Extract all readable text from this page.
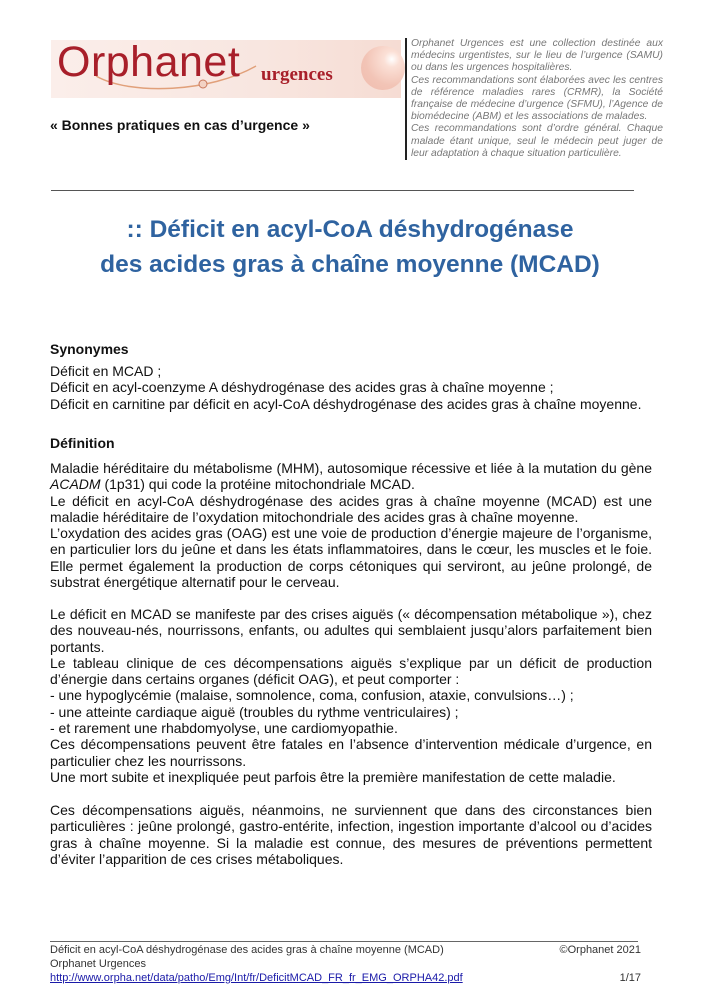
Orphanet urgences
« Bonnes pratiques en cas d’urgence »

Orphanet Urgences est une collection destinée aux médecins urgentistes, sur le lieu de l’urgence (SAMU) ou dans les urgences hospitalières.

Ces recommandations sont élaborées avec les centres de référence maladies rares (CRMR), la Société française de médecine d’urgence (SFMU), l’Agence de biomédecine (ABM) et les associations de malades.

Ces recommandations sont d’ordre général. Chaque malade étant unique, seul le médecin peut juger de leur adaptation à chaque situation particulière.

:: Déficit en acyl-CoA déshydrogénase
des acides gras à chaîne moyenne (MCAD)
Synonymes

Déficit en MCAD ;

Déficit en acyl-coenzyme A déshydrogénase des acides gras à chaîne moyenne ;

Déficit en carnitine par déficit en acyl-CoA déshydrogénase des acides gras à chaîne moyenne.

Définition

Maladie héréditaire du métabolisme (MHM), autosomique récessive et liée à la mutation du gène ACADM (1p31) qui code la protéine mitochondriale MCAD.

Le déficit en acyl-CoA déshydrogénase des acides gras à chaîne moyenne (MCAD) est une maladie héréditaire de l’oxydation mitochondriale des acides gras à chaîne moyenne.

L’oxydation des acides gras (OAG) est une voie de production d’énergie majeure de l’organisme, en particulier lors du jeûne et dans les états inflammatoires, dans le cœur, les muscles et le foie. Elle permet également la production de corps cétoniques qui serviront, au jeûne prolongé, de substrat énergétique alternatif pour le cerveau.

Le déficit en MCAD se manifeste par des crises aiguës (« décompensation métabolique »), chez des nouveau-nés, nourrissons, enfants, ou adultes qui semblaient jusqu’alors parfaitement bien portants.

Le tableau clinique de ces décompensations aiguës s’explique par un déficit de production d’énergie dans certains organes (déficit OAG), et peut comporter :

- une hypoglycémie (malaise, somnolence, coma, confusion, ataxie, convulsions…) ;

- une atteinte cardiaque aiguë (troubles du rythme ventriculaires) ;

- et rarement une rhabdomyolyse, une cardiomyopathie.

Ces décompensations peuvent être fatales en l’absence d’intervention médicale d’urgence, en particulier chez les nourrissons.

Une mort subite et inexpliquée peut parfois être la première manifestation de cette maladie.

Ces décompensations aiguës, néanmoins, ne surviennent que dans des circonstances bien particulières : jeûne prolongé, gastro-entérite, infection, ingestion importante d’alcool ou d’acides gras à chaîne moyenne. Si la maladie est connue, des mesures de préventions permettent d’éviter l’apparition de ces crises métaboliques.

Déficit en acyl-CoA déshydrogénase des acides gras à chaîne moyenne (MCAD)	©Orphanet 2021
Orphanet Urgences
http://www.orpha.net/data/patho/Emg/Int/fr/DeficitMCAD_FR_fr_EMG_ORPHA42.pdf	1/17
